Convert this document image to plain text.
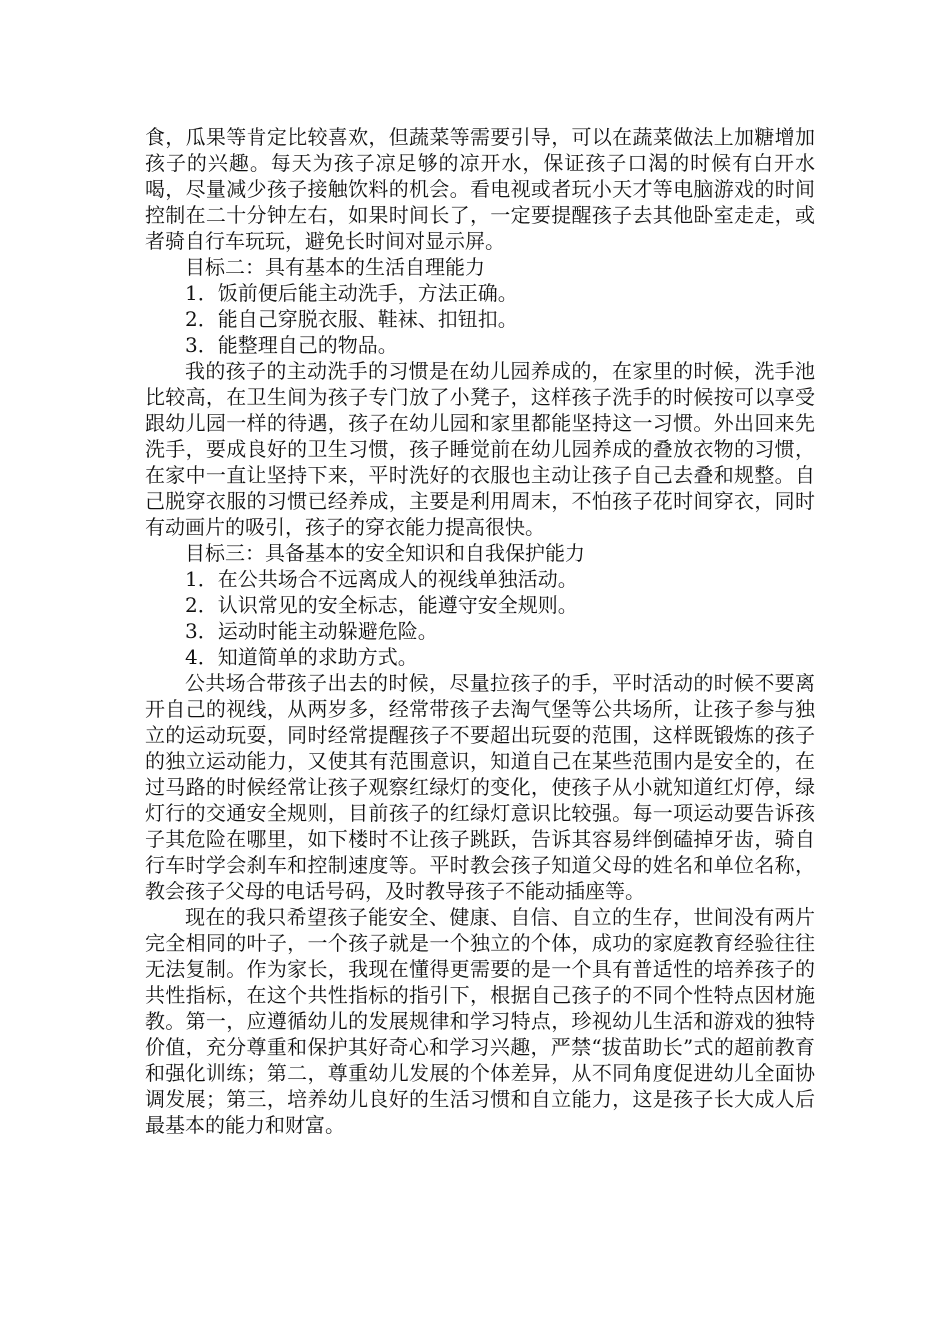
食，瓜果等肯定比较喜欢，但蔬菜等需要引导，可以在蔬菜做法上加糖增加孩子的兴趣。每天为孩子凉足够的凉开水，保证孩子口渴的时候有白开水喝，尽量减少孩子接触饮料的机会。看电视或者玩小天才等电脑游戏的时间控制在二十分钟左右，如果时间长了，一定要提醒孩子去其他卧室走走，或者骑自行车玩玩，避免长时间对显示屏。

目标二：具有基本的生活自理能力

1．饭前便后能主动洗手，方法正确。

2．能自己穿脱衣服、鞋袜、扣钮扣。

3．能整理自己的物品。

我的孩子的主动洗手的习惯是在幼儿园养成的，在家里的时候，洗手池比较高，在卫生间为孩子专门放了小凳子，这样孩子洗手的时候按可以享受跟幼儿园一样的待遇，孩子在幼儿园和家里都能坚持这一习惯。外出回来先洗手，要成良好的卫生习惯，孩子睡觉前在幼儿园养成的叠放衣物的习惯，在家中一直让坚持下来，平时洗好的衣服也主动让孩子自己去叠和规整。自己脱穿衣服的习惯已经养成，主要是利用周末，不怕孩子花时间穿衣，同时有动画片的吸引，孩子的穿衣能力提高很快。

目标三：具备基本的安全知识和自我保护能力

1．在公共场合不远离成人的视线单独活动。

2．认识常见的安全标志，能遵守安全规则。

3．运动时能主动躲避危险。

4．知道简单的求助方式。

公共场合带孩子出去的时候，尽量拉孩子的手，平时活动的时候不要离开自己的视线，从两岁多，经常带孩子去淘气堡等公共场所，让孩子参与独立的运动玩耍，同时经常提醒孩子不要超出玩耍的范围，这样既锻炼的孩子的独立运动能力，又使其有范围意识，知道自己在某些范围内是安全的，在过马路的时候经常让孩子观察红绿灯的变化，使孩子从小就知道红灯停，绿灯行的交通安全规则，目前孩子的红绿灯意识比较强。每一项运动要告诉孩子其危险在哪里，如下楼时不让孩子跳跃，告诉其容易绊倒磕掉牙齿，骑自行车时学会刹车和控制速度等。平时教会孩子知道父母的姓名和单位名称，教会孩子父母的电话号码，及时教导孩子不能动插座等。

现在的我只希望孩子能安全、健康、自信、自立的生存，世间没有两片完全相同的叶子，一个孩子就是一个独立的个体，成功的家庭教育经验往往无法复制。作为家长，我现在懂得更需要的是一个具有普适性的培养孩子的共性指标，在这个共性指标的指引下，根据自己孩子的不同个性特点因材施教。第一，应遵循幼儿的发展规律和学习特点，珍视幼儿生活和游戏的独特价值，充分尊重和保护其好奇心和学习兴趣，严禁“拔苗助长”式的超前教育和强化训练；第二，尊重幼儿发展的个体差异，从不同角度促进幼儿全面协调发展；第三，培养幼儿良好的生活习惯和自立能力，这是孩子长大成人后最基本的能力和财富。
